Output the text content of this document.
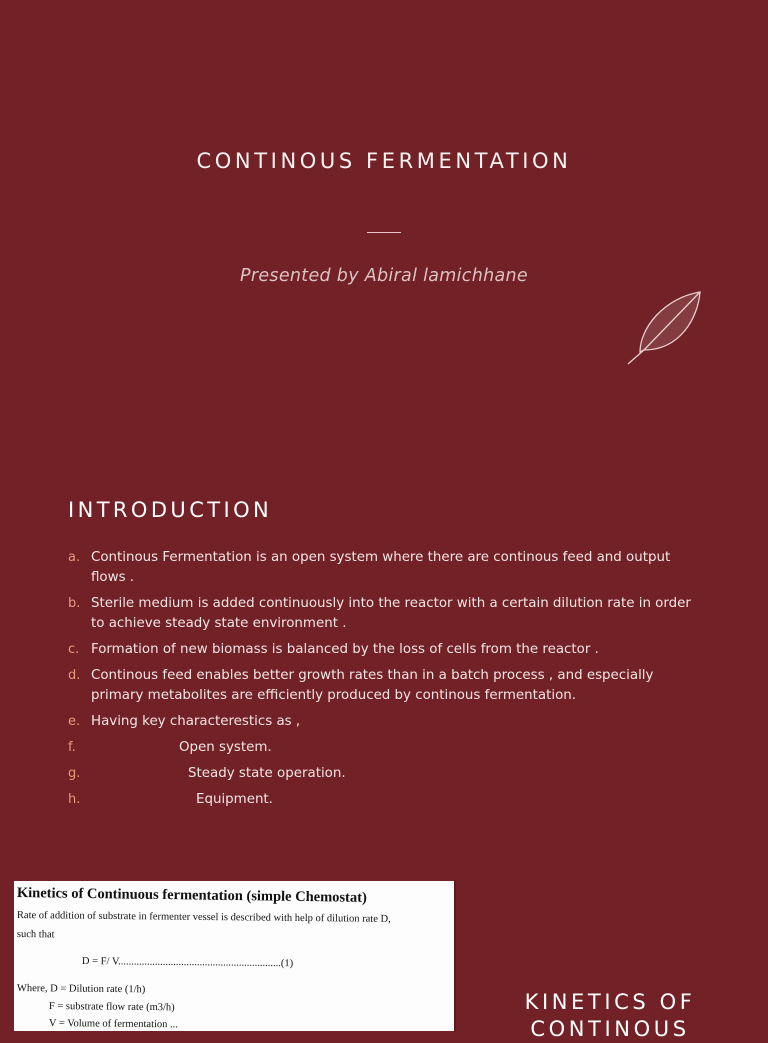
CONTINOUS FERMENTATION
Presented by Abiral lamichhane
INTRODUCTION
a. Continous Fermentation is an open system where there are continous feed and output flows .
b. Sterile medium is added continuously into the reactor with a certain dilution rate in order to achieve steady state environment .
c. Formation of new biomass is balanced by the loss of cells from the reactor .
d. Continous feed enables better growth rates than in a batch process , and especially primary metabolites are efficiently produced by continous fermentation.
e. Having key characterestics as ,
f.	Open system.
g.	Steady state operation.
h.	Equipment.
Kinetics of Continuous fermentation (simple Chemostat)
Rate of addition of substrate in fermenter vessel is described with help of dilution rate D,
such that
D = F/ V..............................................................(1)
Where, D = Dilution rate (1/h)
F = substrate flow rate (m3/h)
V = Volume of fermentation ...
KINETICS OF
CONTINOUS
